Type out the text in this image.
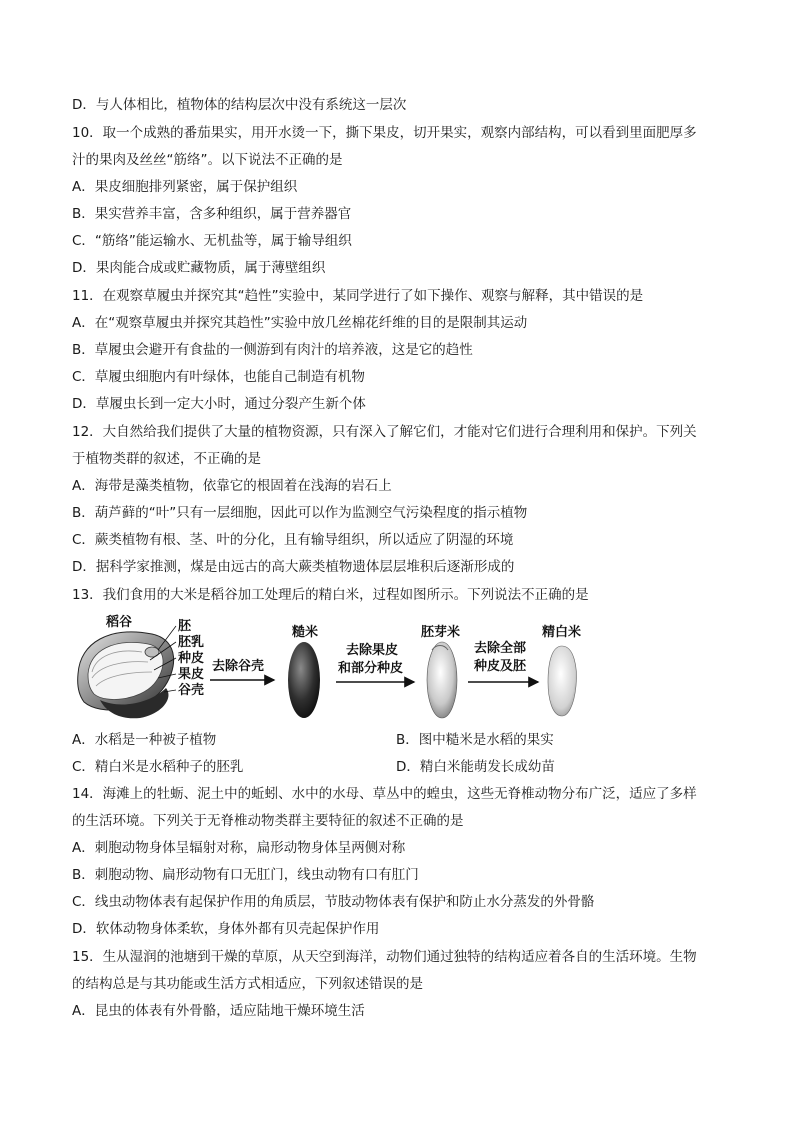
D．与人体相比，植物体的结构层次中没有系统这一层次
10．取一个成熟的番茄果实，用开水烫一下，撕下果皮，切开果实，观察内部结构，可以看到里面肥厚多
汁的果肉及丝丝“筋络”。以下说法不正确的是
A．果皮细胞排列紧密，属于保护组织
B．果实营养丰富，含多种组织，属于营养器官
C．“筋络”能运输水、无机盐等，属于输导组织
D．果肉能合成或贮藏物质，属于薄壁组织
11．在观察草履虫并探究其“趋性”实验中，某同学进行了如下操作、观察与解释，其中错误的是
A．在“观察草履虫并探究其趋性”实验中放几丝棉花纤维的目的是限制其运动
B．草履虫会避开有食盐的一侧游到有肉汁的培养液，这是它的趋性
C．草履虫细胞内有叶绿体，也能自己制造有机物
D．草履虫长到一定大小时，通过分裂产生新个体
12．大自然给我们提供了大量的植物资源，只有深入了解它们，才能对它们进行合理利用和保护。下列关
于植物类群的叙述，不正确的是
A．海带是藻类植物，依靠它的根固着在浅海的岩石上
B．葫芦藓的“叶”只有一层细胞，因此可以作为监测空气污染程度的指示植物
C．蕨类植物有根、茎、叶的分化，且有输导组织，所以适应了阴湿的环境
D．据科学家推测，煤是由远古的高大蕨类植物遗体层层堆积后逐渐形成的
13．我们食用的大米是稻谷加工处理后的精白米，过程如图所示。下列说法不正确的是
稻谷	胚
胚乳
种皮
果皮
谷壳
去除谷壳
糙米
去除果皮
和部分种皮
胚芽米
去除全部
种皮及胚
精白米
A．水稻是一种被子植物	B．图中糙米是水稻的果实
C．精白米是水稻种子的胚乳	D．精白米能萌发长成幼苗
14．海滩上的牡蛎、泥土中的蚯蚓、水中的水母、草丛中的蝗虫，这些无脊椎动物分布广泛，适应了多样
的生活环境。下列关于无脊椎动物类群主要特征的叙述不正确的是
A．刺胞动物身体呈辐射对称，扁形动物身体呈两侧对称
B．刺胞动物、扁形动物有口无肛门，线虫动物有口有肛门
C．线虫动物体表有起保护作用的角质层，节肢动物体表有保护和防止水分蒸发的外骨骼
D．软体动物身体柔软，身体外都有贝壳起保护作用
15．生从湿润的池塘到干燥的草原，从天空到海洋，动物们通过独特的结构适应着各自的生活环境。生物
的结构总是与其功能或生活方式相适应，下列叙述错误的是
A．昆虫的体表有外骨骼，适应陆地干燥环境生活
